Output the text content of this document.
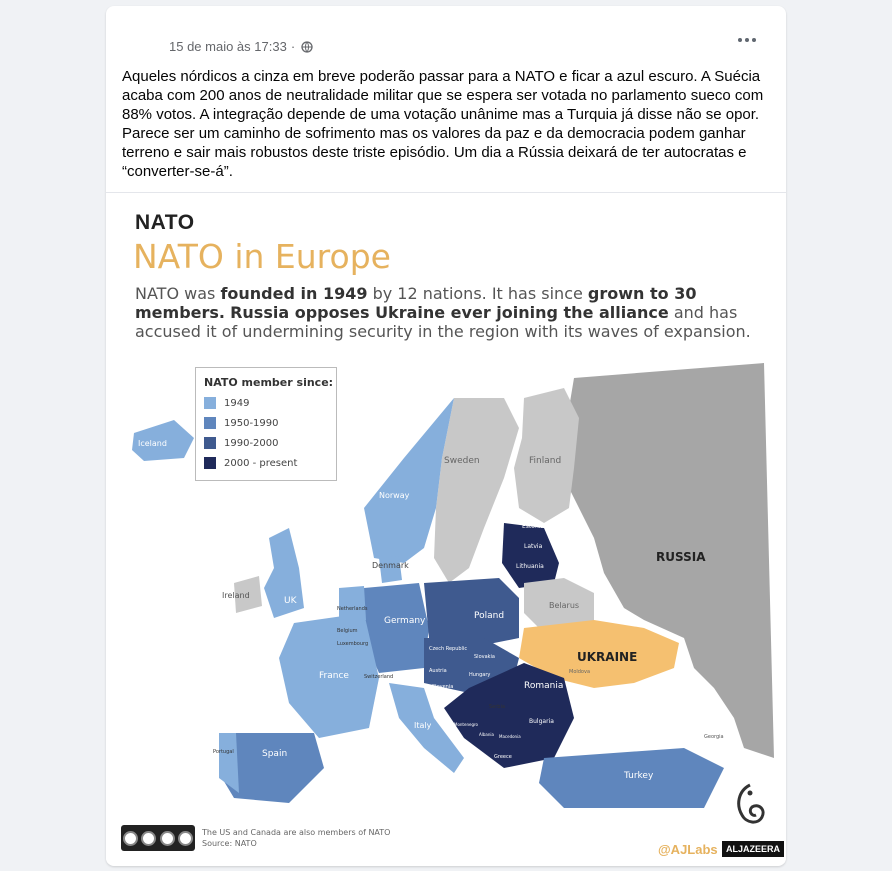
15 de maio às 17:33 ·
Aqueles nórdicos a cinza em breve poderão passar para a NATO e ficar a azul escuro. A Suécia acaba com 200 anos de neutralidade militar que se espera ser votada no parlamento sueco com 88% votos. A integração depende de uma votação unânime mas a Turquia já disse não se opor. Parece ser um caminho de sofrimento mas os valores da paz e da democracia podem ganhar terreno e sair mais robustos deste triste episódio. Um dia a Rússia deixará de ter autocratas e “converter-se-á”.
NATO
NATO in Europe
NATO was founded in 1949 by 12 nations. It has since grown to 30 members. Russia opposes Ukraine ever joining the alliance and has accused it of undermining security in the region with its waves of expansion.
Iceland
Norway
Sweden	Finland
Estonia
Latvia
Lithuania
Denmark
Ireland
UK
Netherlands
Belgium
Luxembourg
Germany	Poland
Belarus
Czech Republic
Slovakia
Austria
Switzerland	Hungary
France
Slovenia
Croatia
Serbia
Romania
Moldova
Bulgaria
Montenegro
Albania Macedonia
Greece
Italy
Portugal	Spain
Turkey
Georgia
RUSSIA
UKRAINE
NATO member since:
1949
1950-1990
1990-2000
2000 - present
The US and Canada are also members of NATO
Source: NATO	@AJLabs ALJAZEERA
